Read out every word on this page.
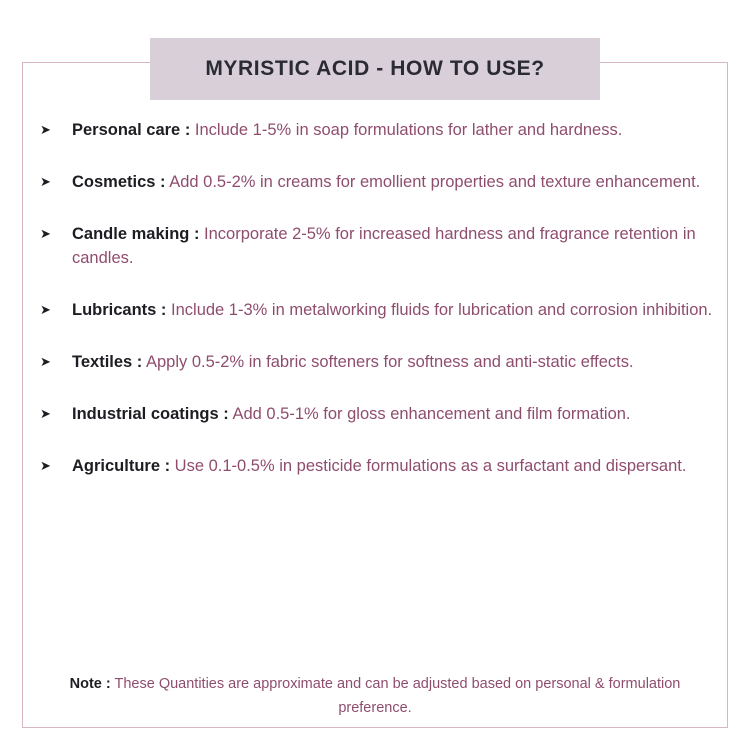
MYRISTIC ACID - HOW TO USE?
➤	Personal care : Include 1-5% in soap formulations for lather and hardness.
➤	Cosmetics : Add 0.5-2% in creams for emollient properties and texture enhancement.
➤	Candle making : Incorporate 2-5% for increased hardness and fragrance retention in candles.
➤	Lubricants : Include 1-3% in metalworking fluids for lubrication and corrosion inhibition.
➤	Textiles : Apply 0.5-2% in fabric softeners for softness and anti-static effects.
➤	Industrial coatings : Add 0.5-1% for gloss enhancement and film formation.
➤	Agriculture : Use 0.1-0.5% in pesticide formulations as a surfactant and dispersant.
Note : These Quantities are approximate and can be adjusted based on personal & formulation preference.
